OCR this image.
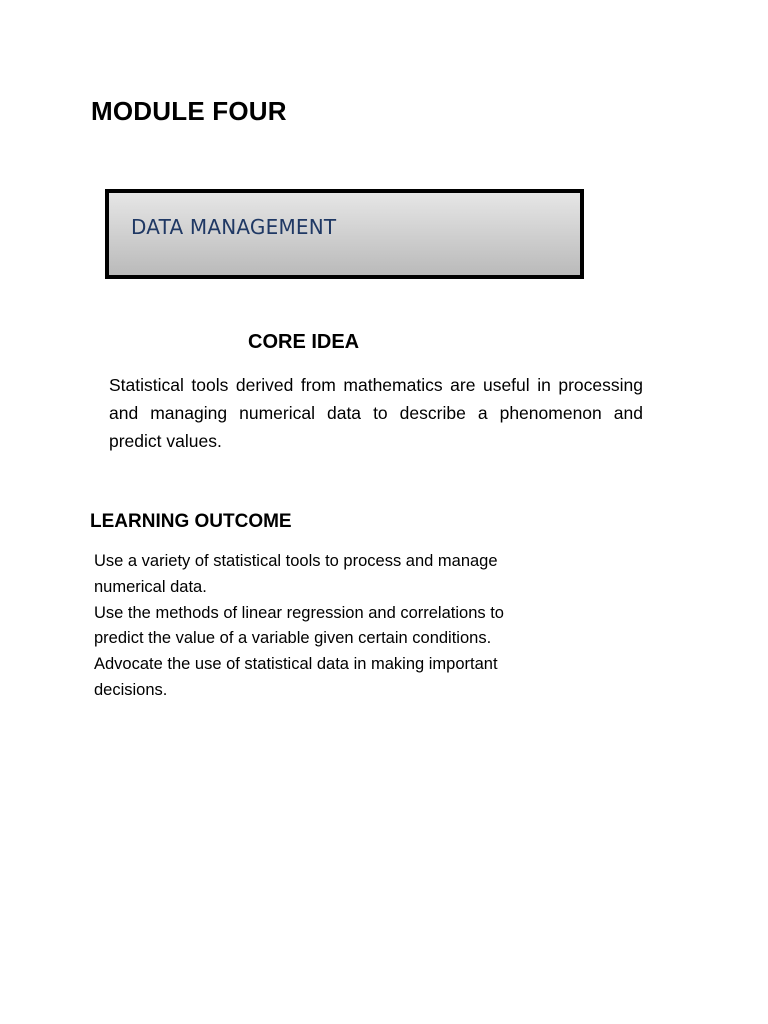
MODULE FOUR
DATA MANAGEMENT
CORE IDEA

Statistical tools derived from mathematics are useful in processing and managing numerical data to describe a phenomenon and predict values.

LEARNING OUTCOME
Use a variety of statistical tools to process and manage
numerical data.
Use the methods of linear regression and correlations to
predict the value of a variable given certain conditions.
Advocate the use of statistical data in making important
decisions.
